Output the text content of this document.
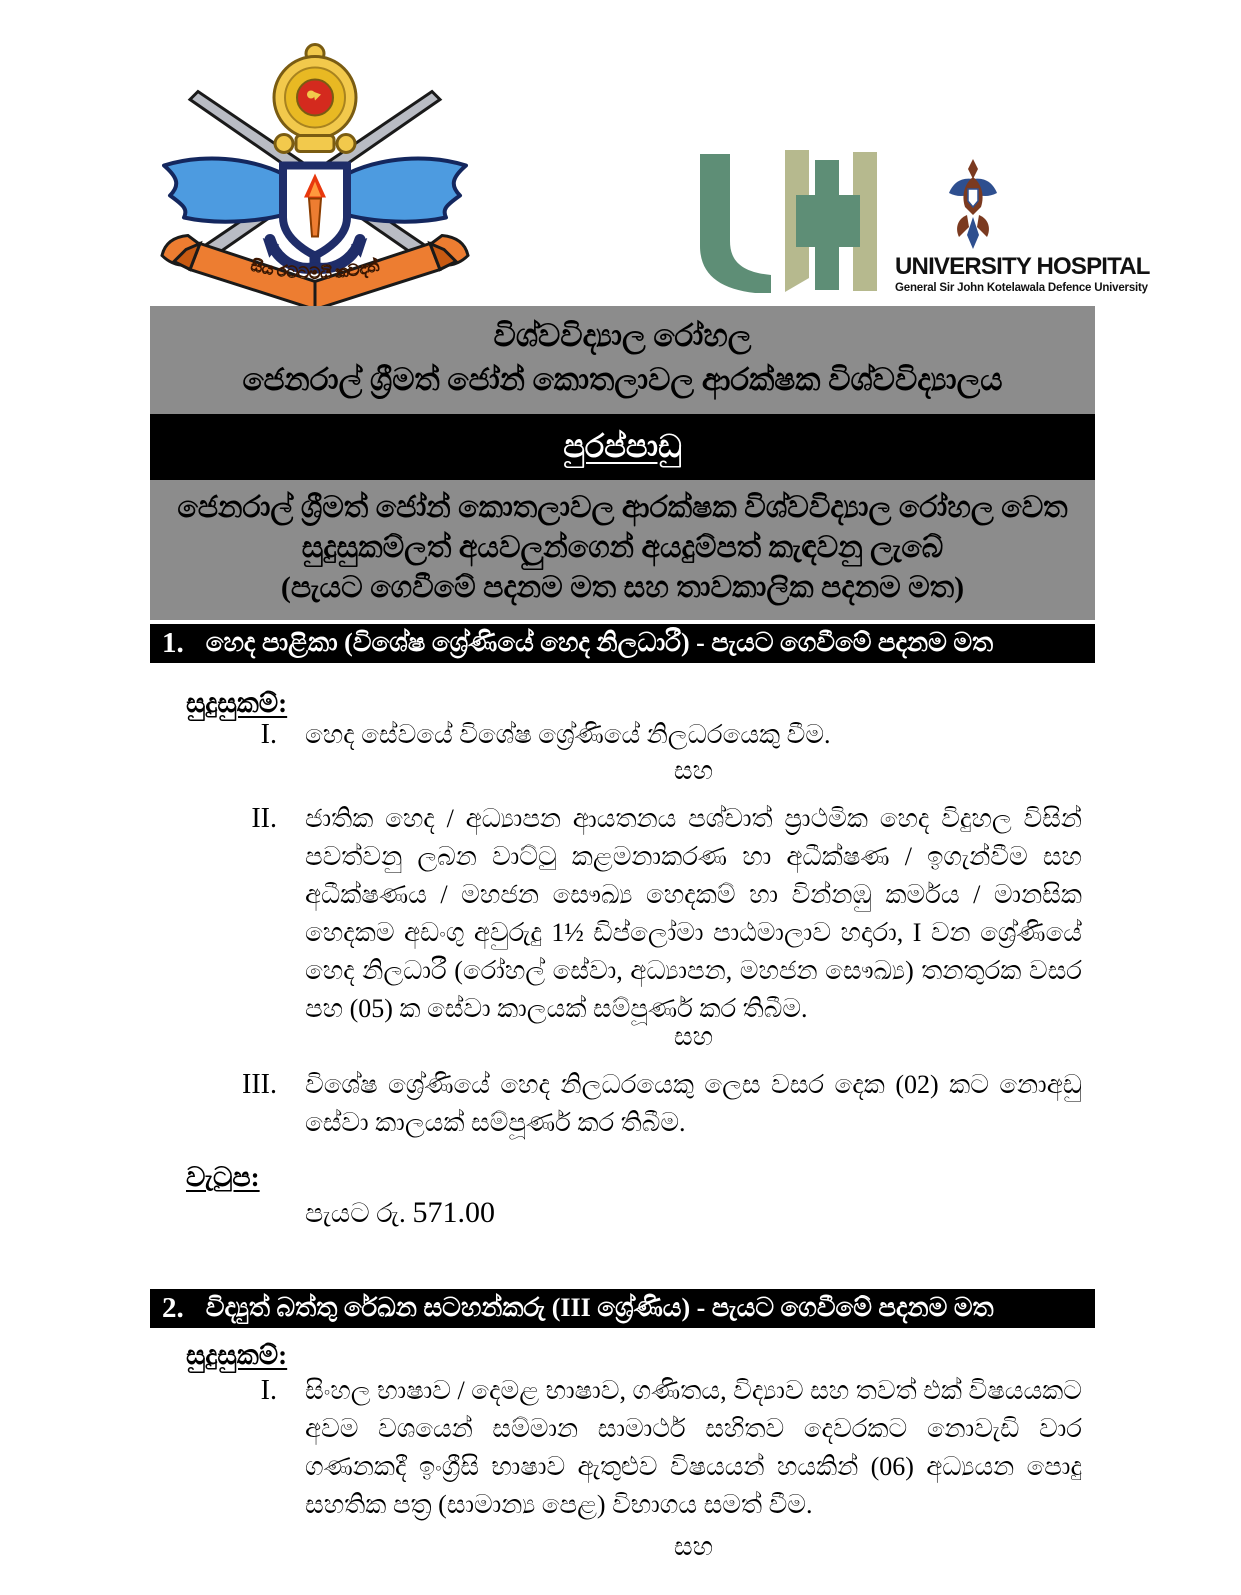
සිය රටටමයි කවදත්	UNIVERSITY HOSPITAL
General Sir John Kotelawala Defence University
විශ්වවිද්‍යාල රෝහල
ජෙනරාල් ශ්‍රීමත් ජෝන් කොතලාවල ආරක්ෂක විශ්වවිද්‍යාලය
පුරප්පාඩු
ජෙනරාල් ශ්‍රීමත් ජෝන් කොතලාවල ආරක්ෂක විශ්වවිද්‍යාල රෝහල වෙත
සුදුසුකම්ලත් අයවලුන්ගෙන් අයදුම්පත් කැඳවනු ලැබේ
(පැයට ගෙවීමේ පදනම මත සහ තාවකාලික පදනම මත)
1. හෙද පාළිකා (විශේෂ ශ්‍රේණියේ හෙද නිලධාරී) - පැයට ගෙවීමේ පදනම මත
සුදුසුකම්:
I.	හෙද සේවයේ විශේෂ ශ්‍රේණියේ නිලධරයෙකු වීම.
සහ
II.	ජාතික හෙද / අධ්‍යාපන ආයතනය පශ්චාත් ප්‍රාථමික හෙද විදුහල විසින් පවත්වනු ලබන වාට්ටු කළමනාකරණ හා අධීක්ෂණ / ඉගැන්වීම සහ අධීක්ෂණය / මහජන සෞඛ්‍ය හෙදකම් හා වින්නඹු කර්මය / මානසික හෙදකම අඩංගු අවුරුදු 1½ ඩිප්ලෝමා පාඨමාලාව හදාරා, I වන ශ්‍රේණියේ හෙද නිලධාරී (රෝහල් සේවා, අධ්‍යාපන, මහජන සෞඛ්‍ය) තනතුරක වසර පහ (05) ක සේවා කාලයක් සම්පූර්ණ කර තිබීම.
සහ
III.	විශේෂ ශ්‍රේණියේ හෙද නිලධරයෙකු ලෙස වසර දෙක (02) කට නොඅඩු සේවා කාලයක් සම්පූර්ණ කර තිබීම.
වැටුප:
පැයට රු. 571.00
2. විද්‍යුත් බත්තු රේඛන සටහන්කරු (III ශ්‍රේණිය) - පැයට ගෙවීමේ පදනම මත
සුදුසුකම්:
I.	සිංහල භාෂාව / දෙමළ භාෂාව, ගණිතය, විද්‍යාව සහ තවත් එක් විෂයයකට අවම වශයෙන් සම්මාන සාමාර්ථ සහිතව දෙවරකට නොවැඩි වාර ගණනකදී ඉංග්‍රීසි භාෂාව ඇතුළුව විෂයයන් හයකින් (06) අධ්‍යයන පොදු සහතික පත්‍ර (සාමාන්‍ය පෙළ) විභාගය සමත් වීම.
සහ
